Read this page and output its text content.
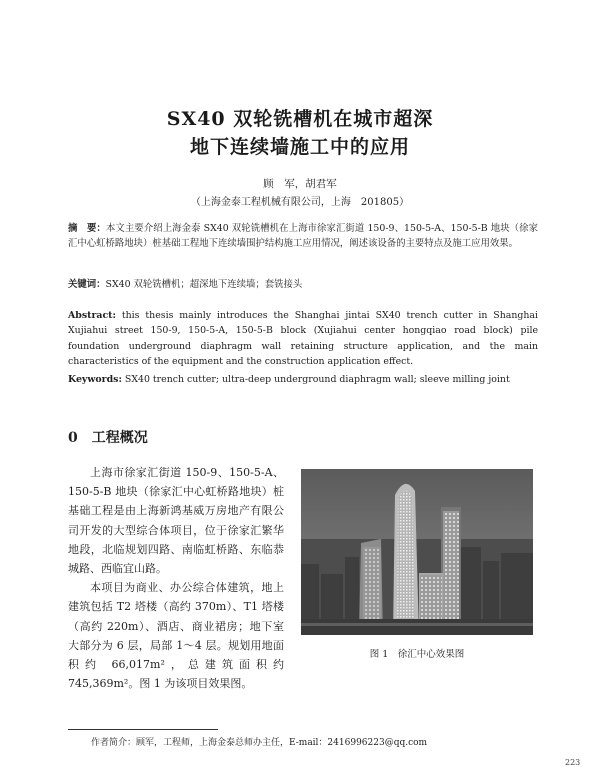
SX40 双轮铣槽机在城市超深
地下连续墙施工中的应用
顾　军，胡君军
（上海金泰工程机械有限公司，上海　201805）
摘　要：本文主要介绍上海金泰 SX40 双轮铣槽机在上海市徐家汇街道 150-9、150-5-A、150-5-B 地块（徐家汇中心虹桥路地块）桩基础工程地下连续墙围护结构施工应用情况，阐述该设备的主要特点及施工应用效果。
关键词：SX40 双轮铣槽机；超深地下连续墙；套铣接头
Abstract: this thesis mainly introduces the Shanghai jintai SX40 trench cutter in Shanghai Xujiahui street 150-9, 150-5-A, 150-5-B block (Xujiahui center hongqiao road block) pile foundation underground diaphragm wall retaining structure application, and the main characteristics of the equipment and the construction application effect.
Keywords: SX40 trench cutter; ultra-deep underground diaphragm wall; sleeve milling joint
0 工程概况

上海市徐家汇街道 150-9、150-5-A、150-5-B 地块（徐家汇中心虹桥路地块）桩基础工程是由上海新鸿基威万房地产有限公司开发的大型综合体项目，位于徐家汇繁华地段，北临规划四路、南临虹桥路、东临恭城路、西临宜山路。

本项目为商业、办公综合体建筑，地上建筑包括 T2 塔楼（高约 370m）、T1 塔楼（高约 220m）、酒店、商业裙房；地下室大部分为 6 层，局部 1～4 层。规划用地面积约 66,017m²，总建筑面积约 745,369m²。图 1 为该项目效果图。

图 1　徐汇中心效果图
作者简介：顾军，工程师，上海金泰总师办主任，E-mail：2416996223@qq.com
223
